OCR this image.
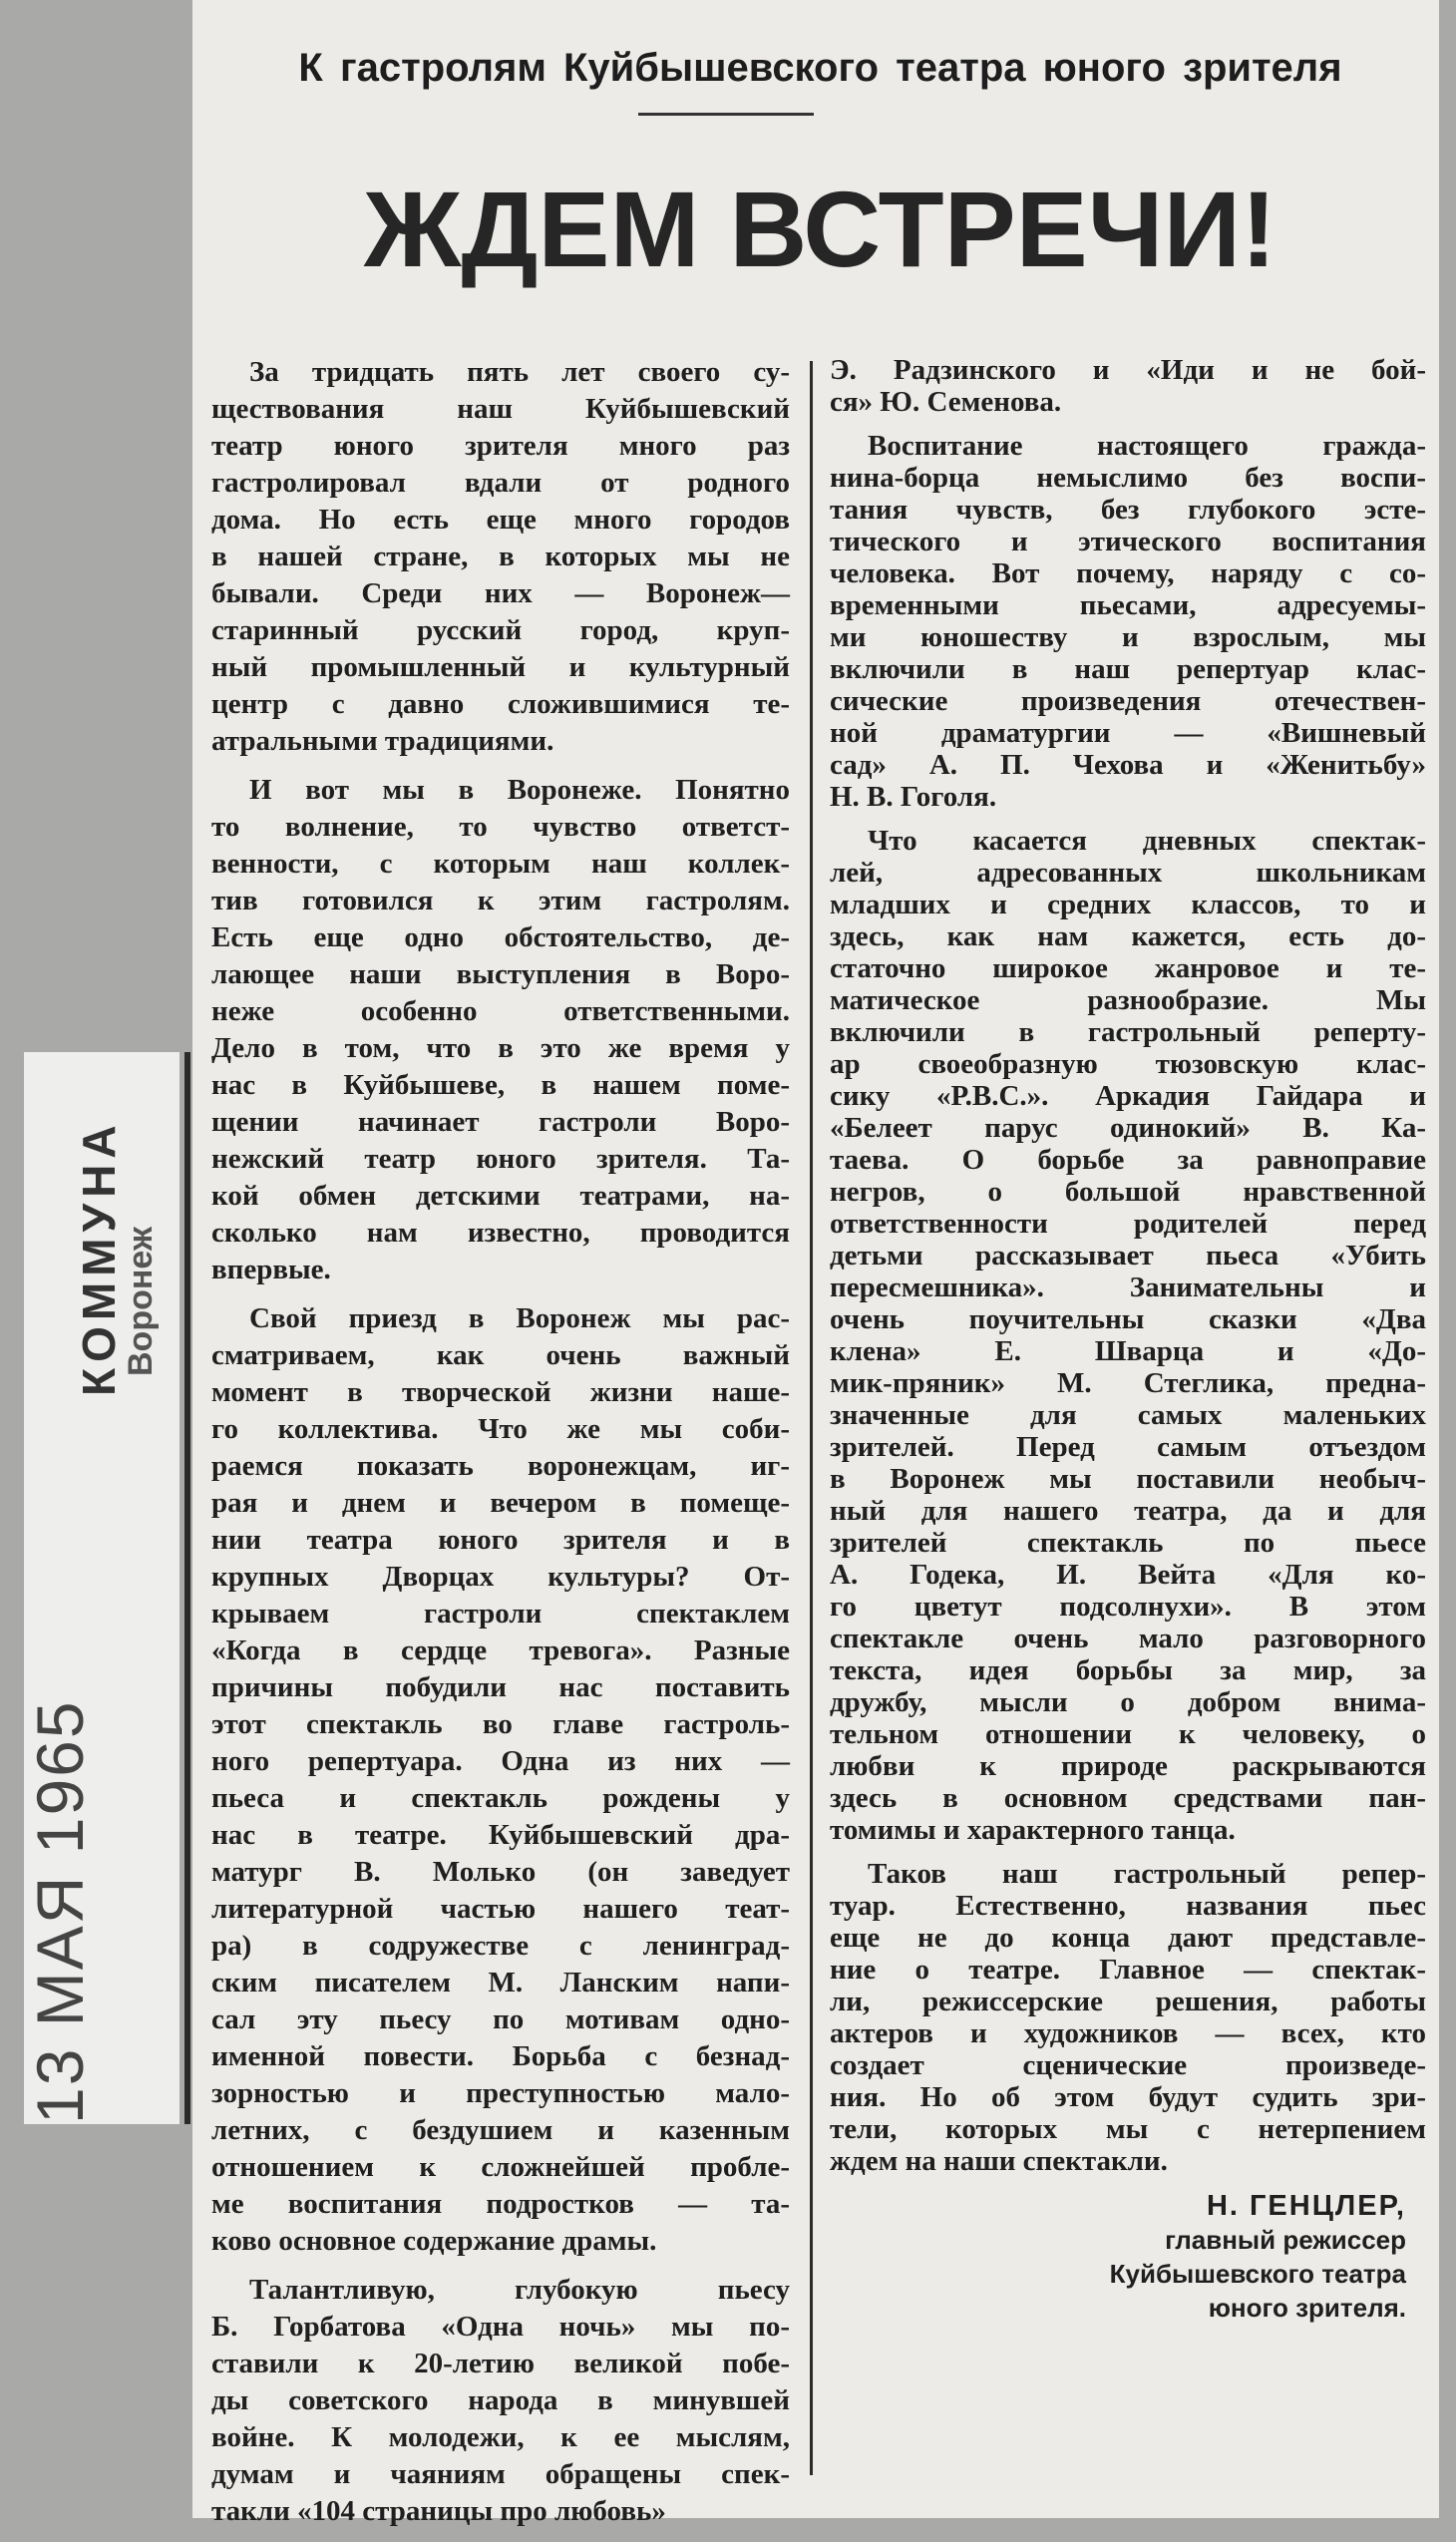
КОММУНА
Воронеж
13 МАЯ 1965
К гастролям Куйбышевского театра юного зрителя
ЖДЕМ ВСТРЕЧИ!
За тридцать пять лет своего су-
ществования наш Куйбышевский
театр юного зрителя много раз
гастролировал вдали от родного
дома. Но есть еще много городов
в нашей стране, в которых мы не
бывали. Среди них — Воронеж—
старинный русский город, круп-
ный промышленный и культурный
центр с давно сложившимися те-
атральными традициями.
И вот мы в Воронеже. Понятно
то волнение, то чувство ответст-
венности, с которым наш коллек-
тив готовился к этим гастролям.
Есть еще одно обстоятельство, де-
лающее наши выступления в Воро-
неже особенно ответственными.
Дело в том, что в это же время у
нас в Куйбышеве, в нашем поме-
щении начинает гастроли Воро-
нежский театр юного зрителя. Та-
кой обмен детскими театрами, на-
сколько нам известно, проводится
впервые.
Свой приезд в Воронеж мы рас-
сматриваем, как очень важный
момент в творческой жизни наше-
го коллектива. Что же мы соби-
раемся показать воронежцам, иг-
рая и днем и вечером в помеще-
нии театра юного зрителя и в
крупных Дворцах культуры? От-
крываем гастроли спектаклем
«Когда в сердце тревога». Разные
причины побудили нас поставить
этот спектакль во главе гастроль-
ного репертуара. Одна из них —
пьеса и спектакль рождены у
нас в театре. Куйбышевский дра-
матург В. Молько (он заведует
литературной частью нашего теат-
ра) в содружестве с ленинград-
ским писателем М. Ланским напи-
сал эту пьесу по мотивам одно-
именной повести. Борьба с безнад-
зорностью и преступностью мало-
летних, с бездушием и казенным
отношением к сложнейшей пробле-
ме воспитания подростков — та-
ково основное содержание драмы.
Талантливую, глубокую пьесу
Б. Горбатова «Одна ночь» мы по-
ставили к 20-летию великой побе-
ды советского народа в минувшей
войне. К молодежи, к ее мыслям,
думам и чаяниям обращены спек-
такли «104 страницы про любовь»
Э. Радзинского и «Иди и не бой-
ся» Ю. Семенова.
Воспитание настоящего гражда-
нина-борца немыслимо без воспи-
тания чувств, без глубокого эсте-
тического и этического воспитания
человека. Вот почему, наряду с со-
временными пьесами, адресуемы-
ми юношеству и взрослым, мы
включили в наш репертуар клас-
сические произведения отечествен-
ной драматургии — «Вишневый
сад» А. П. Чехова и «Женитьбу»
Н. В. Гоголя.
Что касается дневных спектак-
лей, адресованных школьникам
младших и средних классов, то и
здесь, как нам кажется, есть до-
статочно широкое жанровое и те-
матическое разнообразие. Мы
включили в гастрольный реперту-
ар своеобразную тюзовскую клас-
сику «Р.В.С.». Аркадия Гайдара и
«Белеет парус одинокий» В. Ка-
таева. О борьбе за равноправие
негров, о большой нравственной
ответственности родителей перед
детьми рассказывает пьеса «Убить
пересмешника». Занимательны и
очень поучительны сказки «Два
клена» Е. Шварца и «До-
мик-пряник» М. Стеглика, предна-
значенные для самых маленьких
зрителей. Перед самым отъездом
в Воронеж мы поставили необыч-
ный для нашего театра, да и для
зрителей спектакль по пьесе
А. Годека, И. Вейта «Для ко-
го цветут подсолнухи». В этом
спектакле очень мало разговорного
текста, идея борьбы за мир, за
дружбу, мысли о добром внима-
тельном отношении к человеку, о
любви к природе раскрываются
здесь в основном средствами пан-
томимы и характерного танца.
Таков наш гастрольный репер-
туар. Естественно, названия пьес
еще не до конца дают представле-
ние о театре. Главное — спектак-
ли, режиссерские решения, работы
актеров и художников — всех, кто
создает сценические произведе-
ния. Но об этом будут судить зри-
тели, которых мы с нетерпением
ждем на наши спектакли.
Н. ГЕНЦЛЕР,
главный режиссер
Куйбышевского театра
юного зрителя.
